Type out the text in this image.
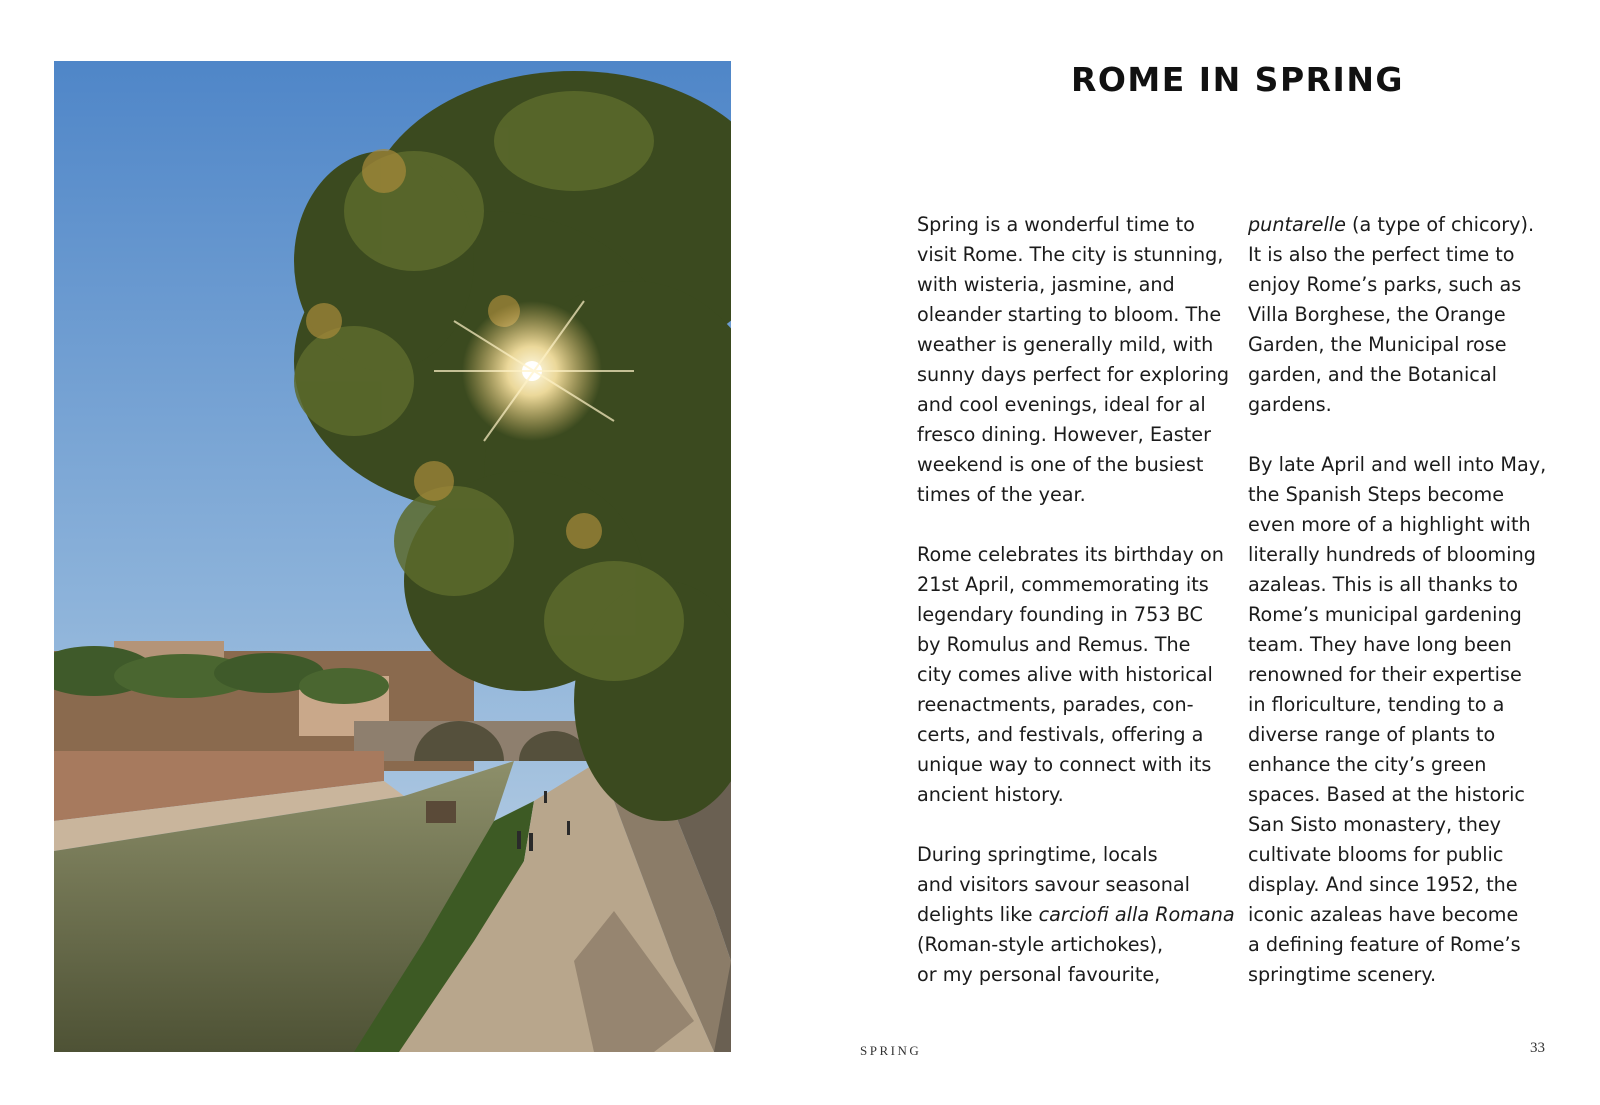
ROME IN SPRING
Spring is a wonderful time to
visit Rome. The city is stunning,
with wisteria, jasmine, and
oleander starting to bloom. The
weather is generally mild, with
sunny days perfect for exploring
and cool evenings, ideal for al
fresco dining. However, Easter
weekend is one of the busiest
times of the year.
Rome celebrates its birthday on
21st April, commemorating its
legendary founding in 753 BC
by Romulus and Remus. The
city comes alive with historical
reenactments, parades, con-
certs, and festivals, offering a
unique way to connect with its
ancient history.
During springtime, locals
and visitors savour seasonal
delights like carciofi alla Romana
(Roman-style artichokes),
or my personal favourite,
puntarelle (a type of chicory).
It is also the perfect time to
enjoy Rome’s parks, such as
Villa Borghese, the Orange
Garden, the Municipal rose
garden, and the Botanical
gardens.
By late April and well into May,
the Spanish Steps become
even more of a highlight with
literally hundreds of blooming
azaleas. This is all thanks to
Rome’s municipal gardening
team. They have long been
renowned for their expertise
in floriculture, tending to a
diverse range of plants to
enhance the city’s green
spaces. Based at the historic
San Sisto monastery, they
cultivate blooms for public
display. And since 1952, the
iconic azaleas have become
a defining feature of Rome’s
springtime scenery.
SPRING	33
